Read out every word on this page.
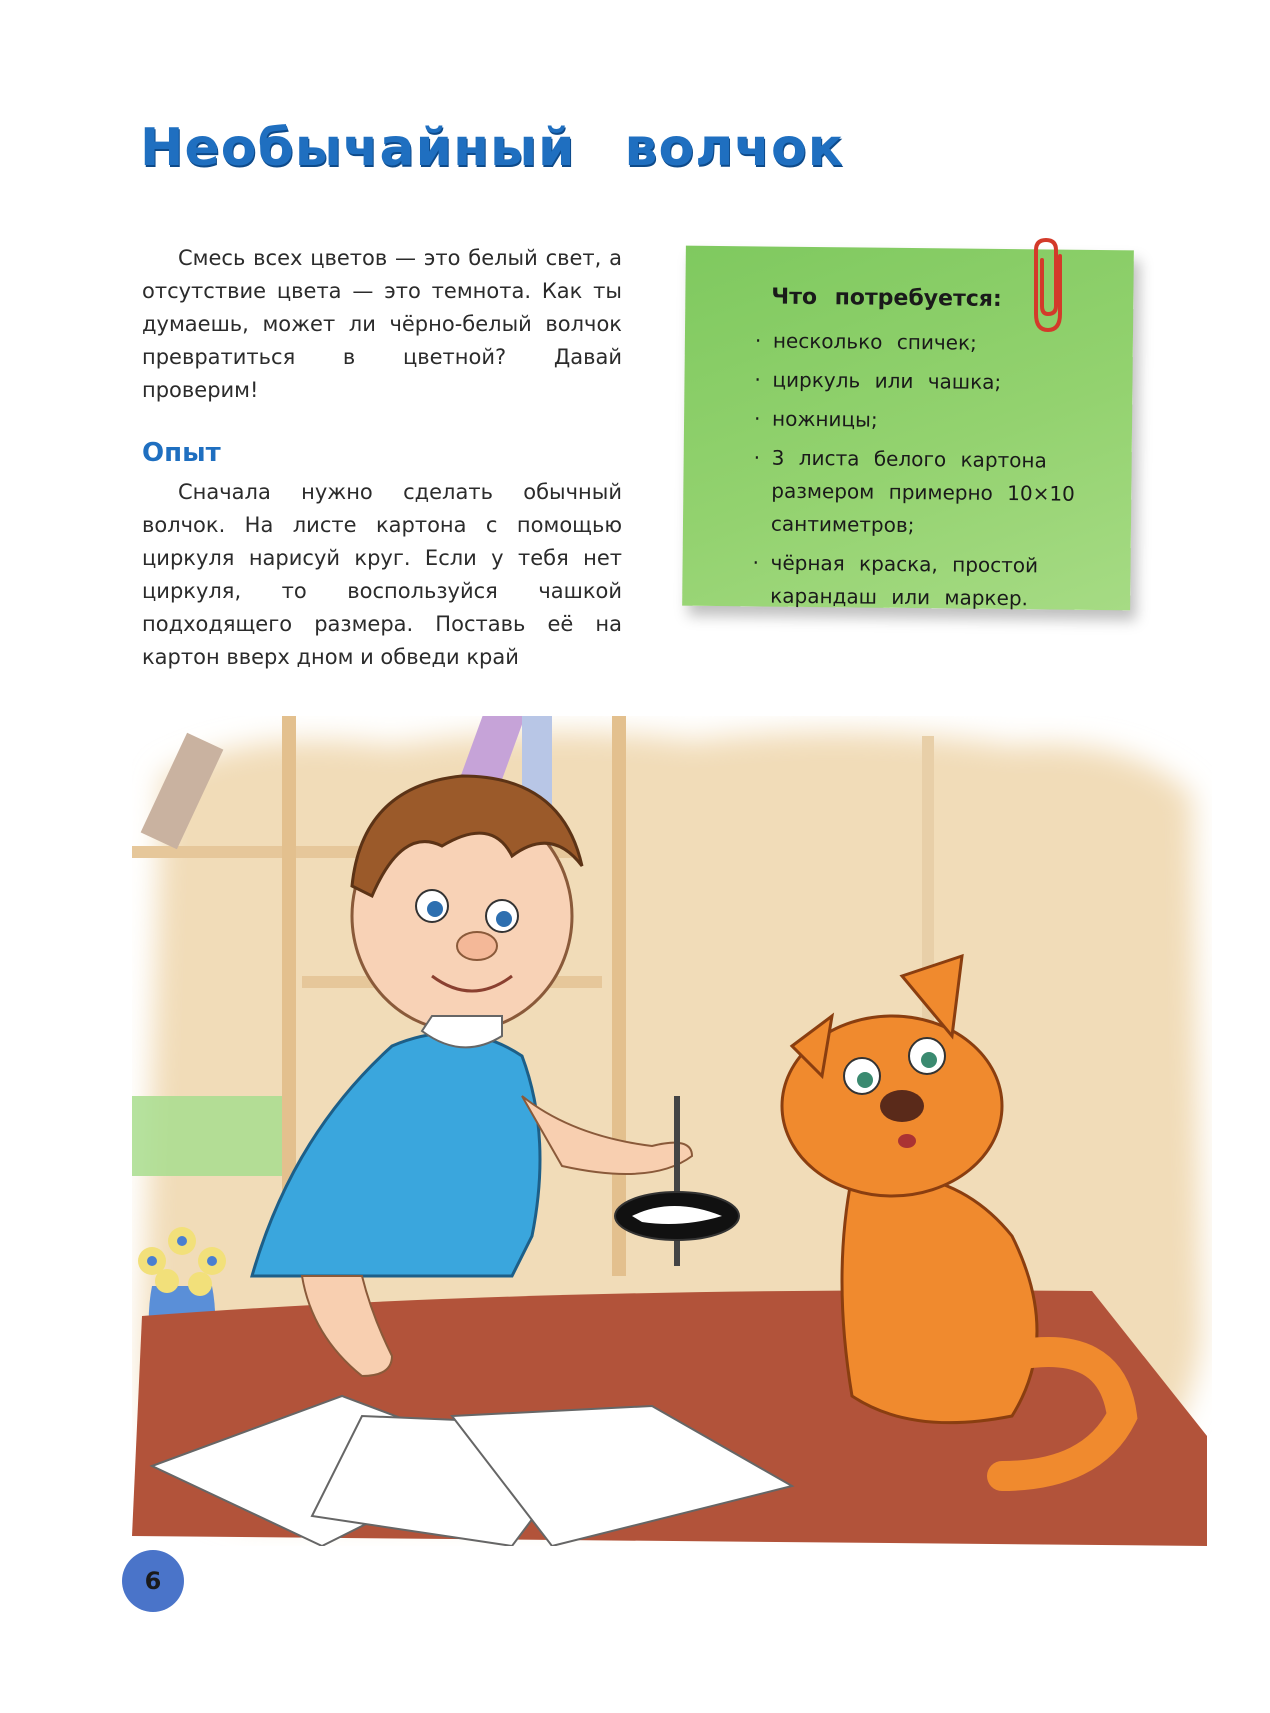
Необычайный волчок

Смесь всех цветов — это белый свет, а отсутствие цвета — это темнота. Как ты думаешь, может ли чёрно-белый волчок превратиться в цветной? Давай проверим!

Опыт

Сначала нужно сделать обычный волчок. На листе картона с помощью циркуля нарисуй круг. Если у тебя нет циркуля, то воспользуйся чашкой подходящего размера. Поставь её на картон вверх дном и обведи край

Что потребуется:
· несколько спичек;
· циркуль или чашка;
· ножницы;
· 3 листа белого картона размером примерно 10×10 сантиметров;
· чёрная краска, простой карандаш или маркер.
6
